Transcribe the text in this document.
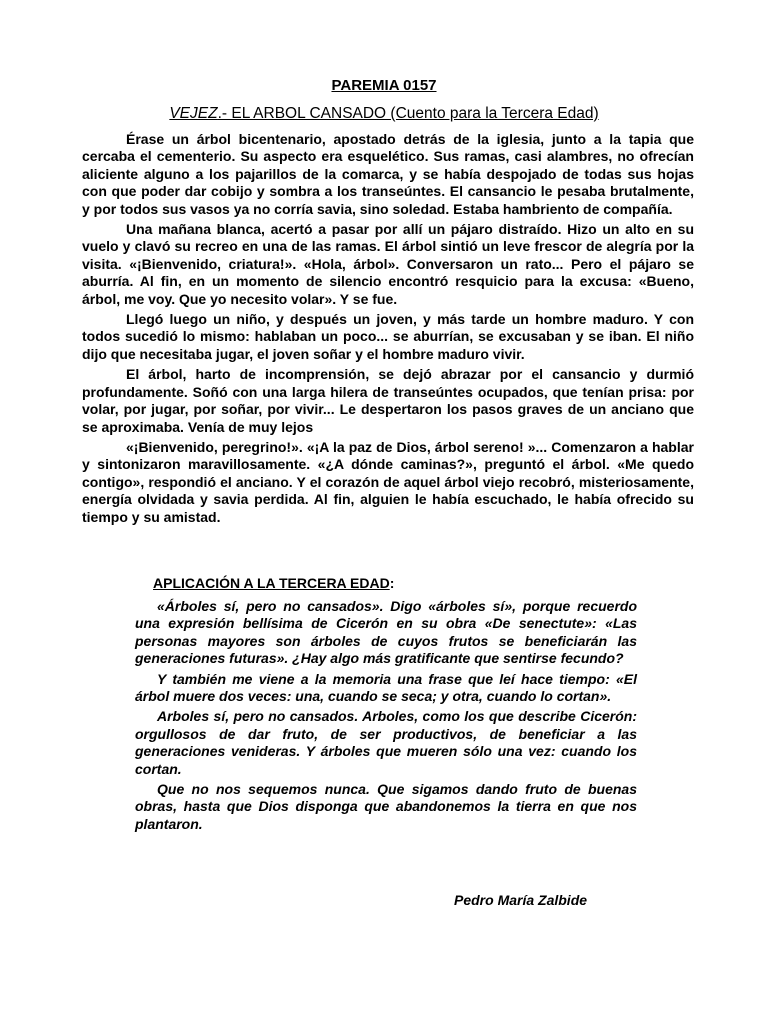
PAREMIA 0157
VEJEZ.- EL ARBOL CANSADO (Cuento para la Tercera Edad)

Érase un árbol bicentenario, apostado detrás de la iglesia, junto a la tapia que cercaba el cementerio. Su aspecto era esquelético. Sus ramas, casi alambres, no ofrecían aliciente alguno a los pajarillos de la comarca, y se había despojado de todas sus hojas con que poder dar cobijo y sombra a los transeúntes. El cansancio le pesaba brutalmente, y por todos sus vasos ya no corría savia, sino soledad. Estaba hambriento de compañía.

Una mañana blanca, acertó a pasar por allí un pájaro distraído. Hizo un alto en su vuelo y clavó su recreo en una de las ramas. El árbol sintió un leve frescor de alegría por la visita. «¡Bienvenido, criatura!». «Hola, árbol». Conversaron un rato... Pero el pájaro se aburría. Al fin, en un momento de silencio encontró resquicio para la excusa: «Bueno, árbol, me voy. Que yo necesito volar». Y se fue.

Llegó luego un niño, y después un joven, y más tarde un hombre maduro. Y con todos sucedió lo mismo: hablaban un poco... se aburrían, se excusaban y se iban. El niño dijo que necesitaba jugar, el joven soñar y el hombre maduro vivir.

El árbol, harto de incomprensión, se dejó abrazar por el cansancio y durmió profundamente. Soñó con una larga hilera de transeúntes ocupados, que tenían prisa: por volar, por jugar, por soñar, por vivir... Le despertaron los pasos graves de un anciano que se aproximaba. Venía de muy lejos

«¡Bienvenido, peregrino!». «¡A la paz de Dios, árbol sereno! »... Comenzaron a hablar y sintonizaron maravillosamente. «¿A dónde caminas?», preguntó el árbol. «Me quedo contigo», respondió el anciano. Y el corazón de aquel árbol viejo recobró, misteriosamente, energía olvidada y savia perdida. Al fin, alguien le había escuchado, le había ofrecido su tiempo y su amistad.

APLICACIÓN A LA TERCERA EDAD:

«Árboles sí, pero no cansados». Digo «árboles sí», porque recuerdo una expresión bellísima de Cicerón en su obra «De senectute»: «Las personas mayores son árboles de cuyos frutos se beneficiarán las generaciones futuras». ¿Hay algo más gratificante que sentirse fecundo?

Y también me viene a la memoria una frase que leí hace tiempo: «El árbol muere dos veces: una, cuando se seca; y otra, cuando lo cortan».

Arboles sí, pero no cansados. Arboles, como los que describe Cicerón: orgullosos de dar fruto, de ser productivos, de beneficiar a las generaciones venideras. Y árboles que mueren sólo una vez: cuando los cortan.

Que no nos sequemos nunca. Que sigamos dando fruto de buenas obras, hasta que Dios disponga que abandonemos la tierra en que nos plantaron.

Pedro María Zalbide
